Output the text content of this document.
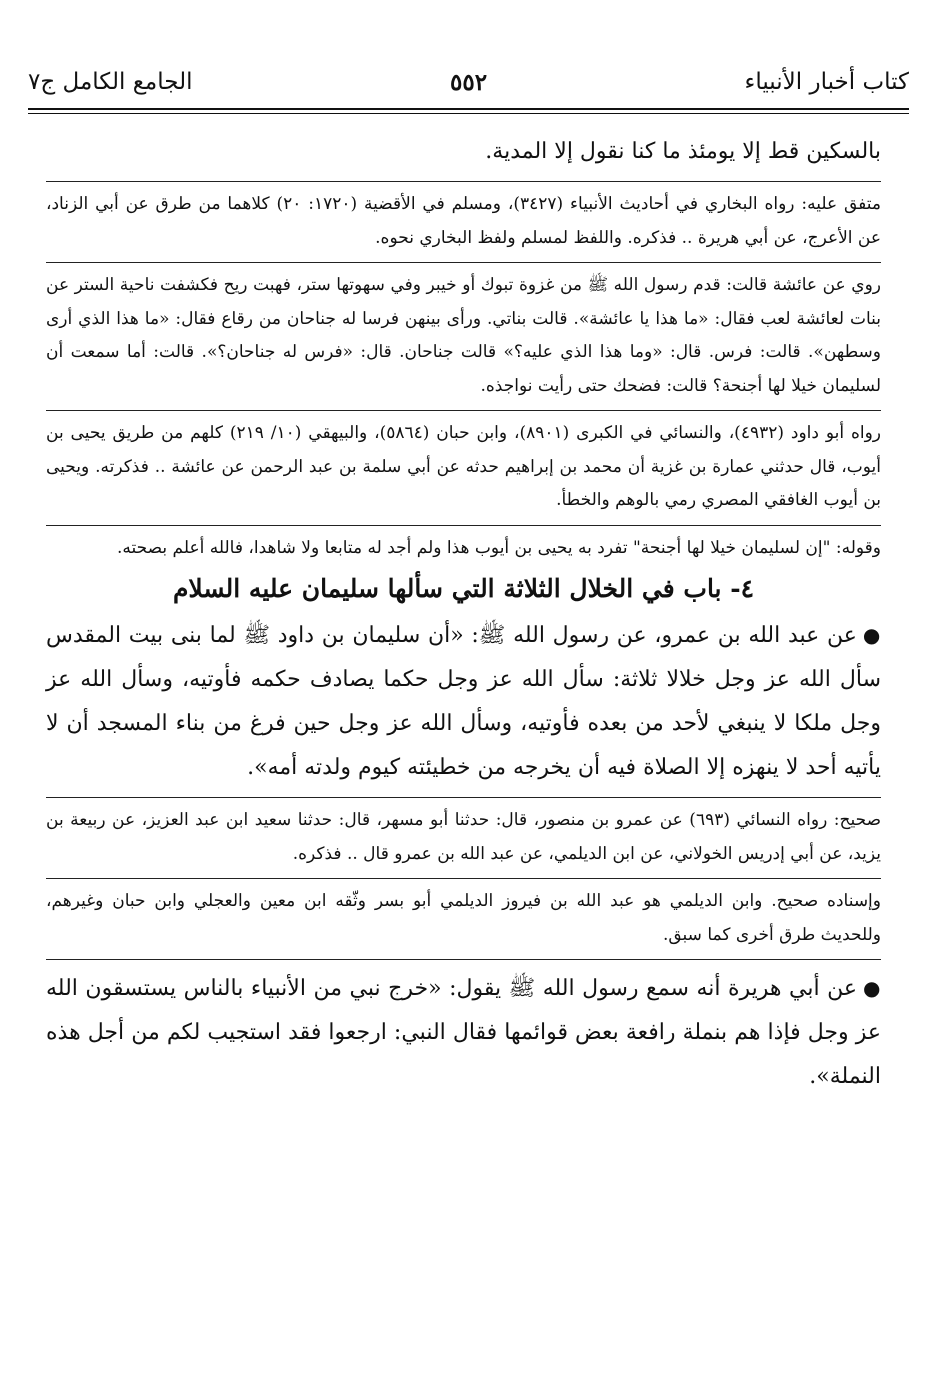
كتاب أخبار الأنبياء
٥٥٢
الجامع الكامل ج٧

بالسكين قط إلا يومئذ ما كنا نقول إلا المدية.

متفق عليه: رواه البخاري في أحاديث الأنبياء (٣٤٢٧)، ومسلم في الأقضية (١٧٢٠: ٢٠) كلاهما من طرق عن أبي الزناد، عن الأعرج، عن أبي هريرة .. فذكره. واللفظ لمسلم ولفظ البخاري نحوه.

روي عن عائشة قالت: قدم رسول الله ﷺ من غزوة تبوك أو خيبر وفي سهوتها ستر، فهبت ريح فكشفت ناحية الستر عن بنات لعائشة لعب فقال: «ما هذا يا عائشة». قالت بناتي. ورأى بينهن فرسا له جناحان من رقاع فقال: «ما هذا الذي أرى وسطهن». قالت: فرس. قال: «وما هذا الذي عليه؟» قالت جناحان. قال: «فرس له جناحان؟». قالت: أما سمعت أن لسليمان خيلا لها أجنحة؟ قالت: فضحك حتى رأيت نواجذه.

رواه أبو داود (٤٩٣٢)، والنسائي في الكبرى (٨٩٠١)، وابن حبان (٥٨٦٤)، والبيهقي (١٠/ ٢١٩) كلهم من طريق يحيى بن أيوب، قال حدثني عمارة بن غزية أن محمد بن إبراهيم حدثه عن أبي سلمة بن عبد الرحمن عن عائشة .. فذكرته. ويحيى بن أيوب الغافقي المصري رمي بالوهم والخطأ.

وقوله: "إن لسليمان خيلا لها أجنحة" تفرد به يحيى بن أيوب هذا ولم أجد له متابعا ولا شاهدا، فالله أعلم بصحته.

٤- باب في الخلال الثلاثة التي سألها سليمان عليه السلام

●عن عبد الله بن عمرو، عن رسول الله ﷺ: «أن سليمان بن داود ﷺ لما بنى بيت المقدس سأل الله عز وجل خلالا ثلاثة: سأل الله عز وجل حكما يصادف حكمه فأوتيه، وسأل الله عز وجل ملكا لا ينبغي لأحد من بعده فأوتيه، وسأل الله عز وجل حين فرغ من بناء المسجد أن لا يأتيه أحد لا ينهزه إلا الصلاة فيه أن يخرجه من خطيئته كيوم ولدته أمه».

صحيح: رواه النسائي (٦٩٣) عن عمرو بن منصور، قال: حدثنا أبو مسهر، قال: حدثنا سعيد ابن عبد العزيز، عن ربيعة بن يزيد، عن أبي إدريس الخولاني، عن ابن الديلمي، عن عبد الله بن عمرو قال .. فذكره.

وإسناده صحيح. وابن الديلمي هو عبد الله بن فيروز الديلمي أبو بسر وثّقه ابن معين والعجلي وابن حبان وغيرهم، وللحديث طرق أخرى كما سبق.

●عن أبي هريرة أنه سمع رسول الله ﷺ يقول: «خرج نبي من الأنبياء بالناس يستسقون الله عز وجل فإذا هم بنملة رافعة بعض قوائمها فقال النبي: ارجعوا فقد استجيب لكم من أجل هذه النملة».
